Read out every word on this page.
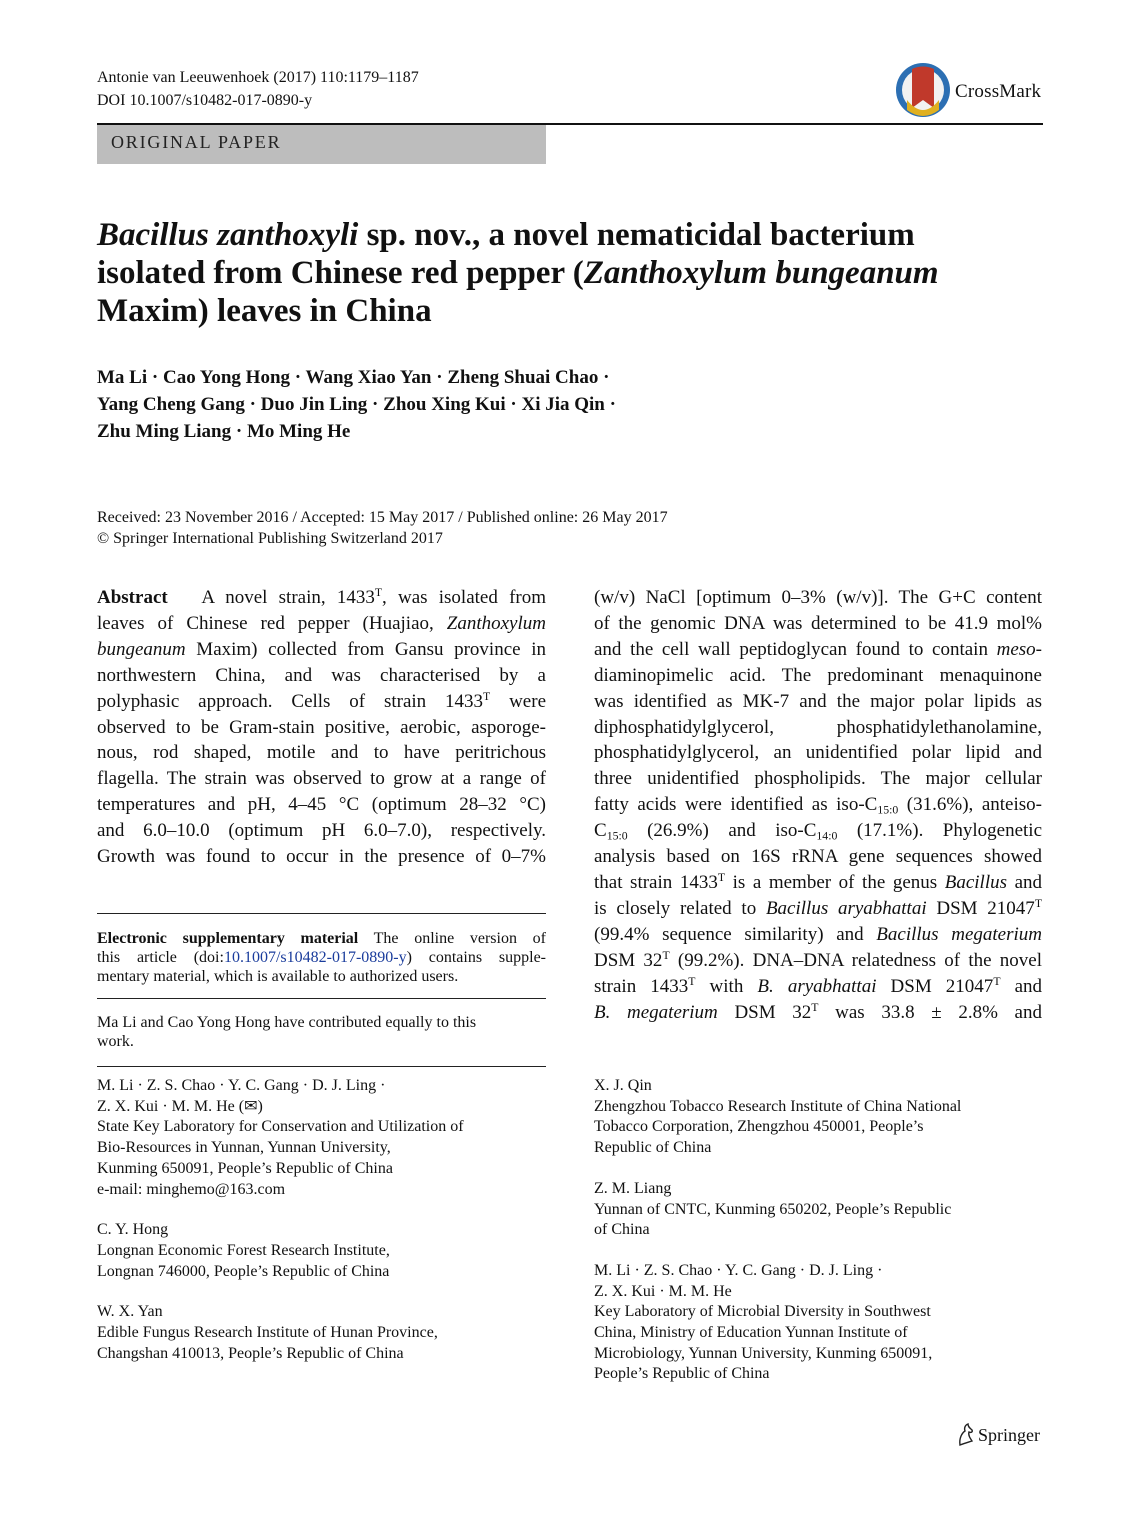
Antonie van Leeuwenhoek (2017) 110:1179–1187
DOI 10.1007/s10482-017-0890-y	CrossMark
ORIGINAL PAPER
Bacillus zanthoxyli sp. nov., a novel nematicidal bacterium
isolated from Chinese red pepper (Zanthoxylum bungeanum
Maxim) leaves in China
Ma Li · Cao Yong Hong · Wang Xiao Yan · Zheng Shuai Chao ·
Yang Cheng Gang · Duo Jin Ling · Zhou Xing Kui · Xi Jia Qin ·
Zhu Ming Liang · Mo Ming He
Received: 23 November 2016 / Accepted: 15 May 2017 / Published online: 26 May 2017
© Springer International Publishing Switzerland 2017
Abstract A novel strain, $1433^T$, was isolated from
leaves of Chinese red pepper (Huajiao, Zanthoxylum
bungeanum Maxim) collected from Gansu province in
northwestern China, and was characterised by a
polyphasic approach. Cells of strain $1433^T$ were
observed to be Gram-stain positive, aerobic, asporoge-
nous, rod shaped, motile and to have peritrichous
flagella. The strain was observed to grow at a range of
temperatures and pH, 4–45 °C (optimum 28–32 °C)
and 6.0–10.0 (optimum pH 6.0–7.0), respectively.
Growth was found to occur in the presence of 0–7%
(w/v) NaCl [optimum 0–3% (w/v)]. The G+C content
of the genomic DNA was determined to be 41.9 mol%
and the cell wall peptidoglycan found to contain meso-
diaminopimelic acid. The predominant menaquinone
was identified as MK-7 and the major polar lipids as
diphosphatidylglycerol, phosphatidylethanolamine,
phosphatidylglycerol, an unidentified polar lipid and
three unidentified phospholipids. The major cellular
fatty acids were identified as iso-$C_{15:0}$ (31.6%), anteiso-
$C_{15:0}$ (26.9%) and iso-$C_{14:0}$ (17.1%). Phylogenetic
analysis based on 16S rRNA gene sequences showed
that strain $1433^T$ is a member of the genus Bacillus and
is closely related to Bacillus aryabhattai DSM $21047^T$
(99.4% sequence similarity) and Bacillus megaterium
DSM $32^T$ (99.2%). DNA–DNA relatedness of the novel
strain $1433^T$ with B. aryabhattai DSM $21047^T$ and
B. megaterium DSM $32^T$ was 33.8 ± 2.8% and
Electronic supplementary material The online version of
this article (doi:10.1007/s10482-017-0890-y) contains supple-
mentary material, which is available to authorized users.
Ma Li and Cao Yong Hong have contributed equally to this
work.
M. Li · Z. S. Chao · Y. C. Gang · D. J. Ling ·
Z. X. Kui · M. M. He (✉)
State Key Laboratory for Conservation and Utilization of
Bio-Resources in Yunnan, Yunnan University,
Kunming 650091, People’s Republic of China
e-mail: minghemo@163.com
C. Y. Hong
Longnan Economic Forest Research Institute,
Longnan 746000, People’s Republic of China
W. X. Yan
Edible Fungus Research Institute of Hunan Province,
Changshan 410013, People’s Republic of China
X. J. Qin
Zhengzhou Tobacco Research Institute of China National
Tobacco Corporation, Zhengzhou 450001, People’s
Republic of China
Z. M. Liang
Yunnan of CNTC, Kunming 650202, People’s Republic
of China
M. Li · Z. S. Chao · Y. C. Gang · D. J. Ling ·
Z. X. Kui · M. M. He
Key Laboratory of Microbial Diversity in Southwest
China, Ministry of Education Yunnan Institute of
Microbiology, Yunnan University, Kunming 650091,
People’s Republic of China
Springer
